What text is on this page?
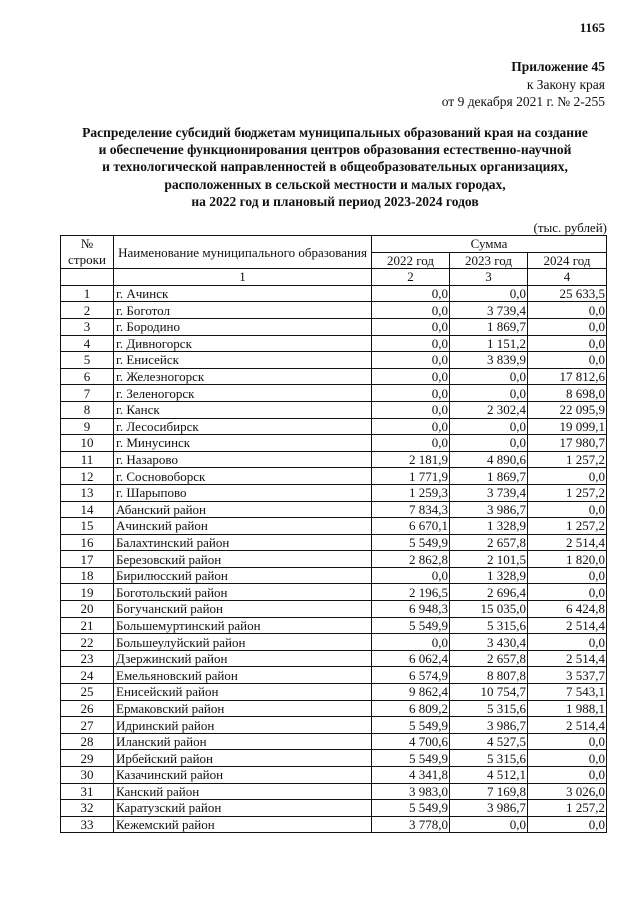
1165
Приложение 45
к Закону края
от 9 декабря 2021 г. № 2-255
Распределение субсидий бюджетам муниципальных образований края на создание
и обеспечение функционирования центров образования естественно-научной
и технологической направленностей в общеобразовательных организациях,
расположенных в сельской местности и малых городах,
на 2022 год и плановый период 2023-2024 годов
(тыс. рублей)
№ строки	Наименование муниципального образования	Сумма		
		2022 год	2023 год	2024 год
	1	2	3	4
1	г. Ачинск	0,0	0,0	25 633,5
2	г. Боготол	0,0	3 739,4	0,0
3	г. Бородино	0,0	1 869,7	0,0
4	г. Дивногорск	0,0	1 151,2	0,0
5	г. Енисейск	0,0	3 839,9	0,0
6	г. Железногорск	0,0	0,0	17 812,6
7	г. Зеленогорск	0,0	0,0	8 698,0
8	г. Канск	0,0	2 302,4	22 095,9
9	г. Лесосибирск	0,0	0,0	19 099,1
10	г. Минусинск	0,0	0,0	17 980,7
11	г. Назарово	2 181,9	4 890,6	1 257,2
12	г. Сосновоборск	1 771,9	1 869,7	0,0
13	г. Шарыпово	1 259,3	3 739,4	1 257,2
14	Абанский район	7 834,3	3 986,7	0,0
15	Ачинский район	6 670,1	1 328,9	1 257,2
16	Балахтинский район	5 549,9	2 657,8	2 514,4
17	Березовский район	2 862,8	2 101,5	1 820,0
18	Бирилюсский район	0,0	1 328,9	0,0
19	Боготольский район	2 196,5	2 696,4	0,0
20	Богучанский район	6 948,3	15 035,0	6 424,8
21	Большемуртинский район	5 549,9	5 315,6	2 514,4
22	Большеулуйский район	0,0	3 430,4	0,0
23	Дзержинский район	6 062,4	2 657,8	2 514,4
24	Емельяновский район	6 574,9	8 807,8	3 537,7
25	Енисейский район	9 862,4	10 754,7	7 543,1
26	Ермаковский район	6 809,2	5 315,6	1 988,1
27	Идринский район	5 549,9	3 986,7	2 514,4
28	Иланский район	4 700,6	4 527,5	0,0
29	Ирбейский район	5 549,9	5 315,6	0,0
30	Казачинский район	4 341,8	4 512,1	0,0
31	Канский район	3 983,0	7 169,8	3 026,0
32	Каратузский район	5 549,9	3 986,7	1 257,2
33	Кежемский район	3 778,0	0,0	0,0
